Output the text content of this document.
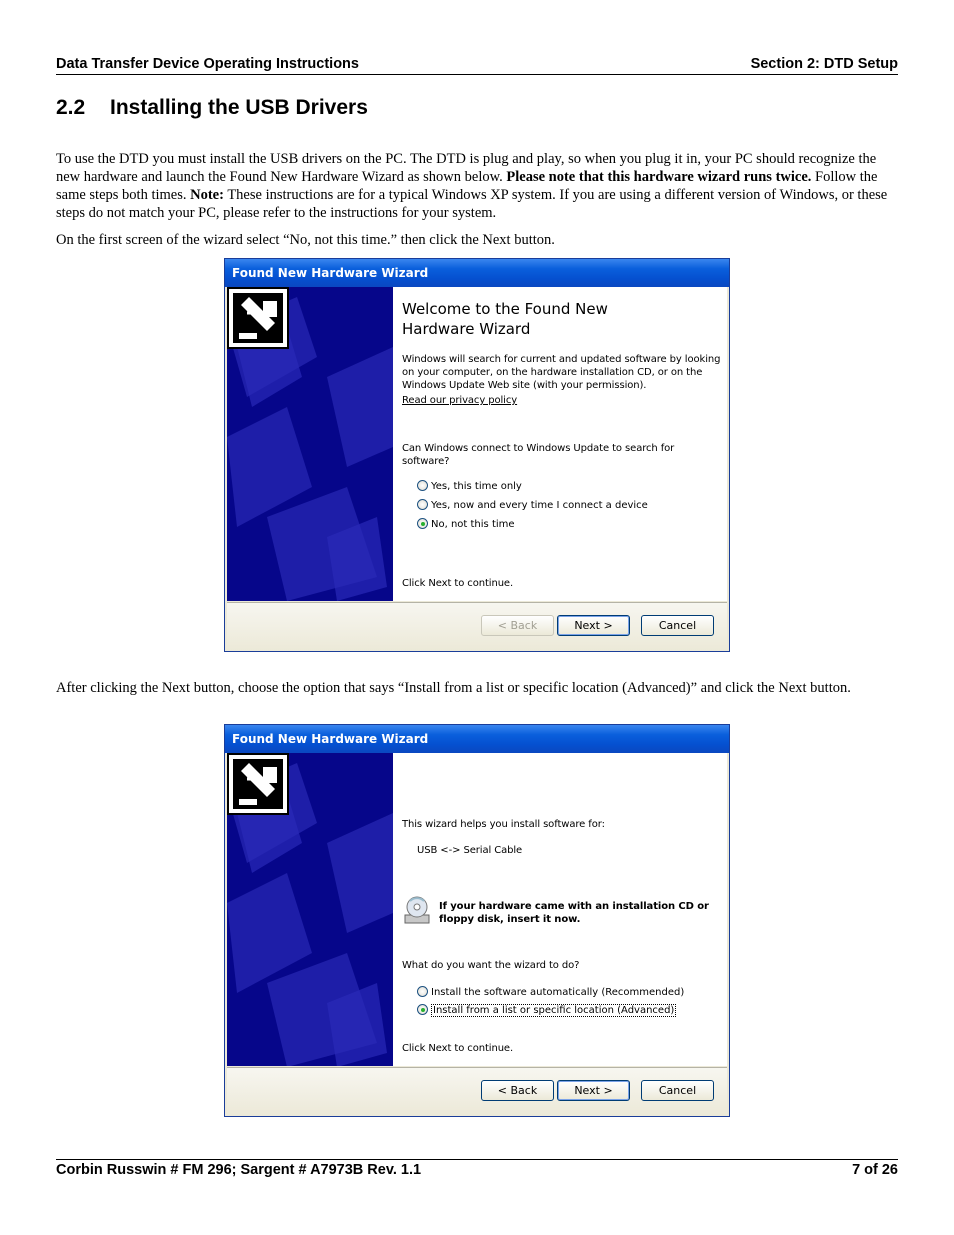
Data Transfer Device Operating Instructions	Section 2: DTD Setup
2.2 Installing the USB Drivers
To use the DTD you must install the USB drivers on the PC. The DTD is plug and play, so when you plug it in, your PC should recognize the new hardware and launch the Found New Hardware Wizard as shown below. Please note that this hardware wizard runs twice. Follow the same steps both times. Note: These instructions are for a typical Windows XP system. If you are using a different version of Windows, or these steps do not match your PC, please refer to the instructions for your system.
On the first screen of the wizard select “No, not this time.” then click the Next button.
Found New Hardware Wizard
Welcome to the Found New Hardware Wizard
Windows will search for current and updated software by looking on your computer, on the hardware installation CD, or on the Windows Update Web site (with your permission).
Read our privacy policy
Can Windows connect to Windows Update to search for software?
Yes, this time only
Yes, now and every time I connect a device
No, not this time
Click Next to continue.
< Back	Next >	Cancel
After clicking the Next button, choose the option that says “Install from a list or specific location (Advanced)” and click the Next button.
Found New Hardware Wizard
This wizard helps you install software for:
USB <-> Serial Cable
If your hardware came with an installation CD or floppy disk, insert it now.
What do you want the wizard to do?
Install the software automatically (Recommended)
Install from a list or specific location (Advanced)
Click Next to continue.
< Back	Next >	Cancel
Corbin Russwin # FM 296; Sargent # A7973B Rev. 1.1	7 of 26
